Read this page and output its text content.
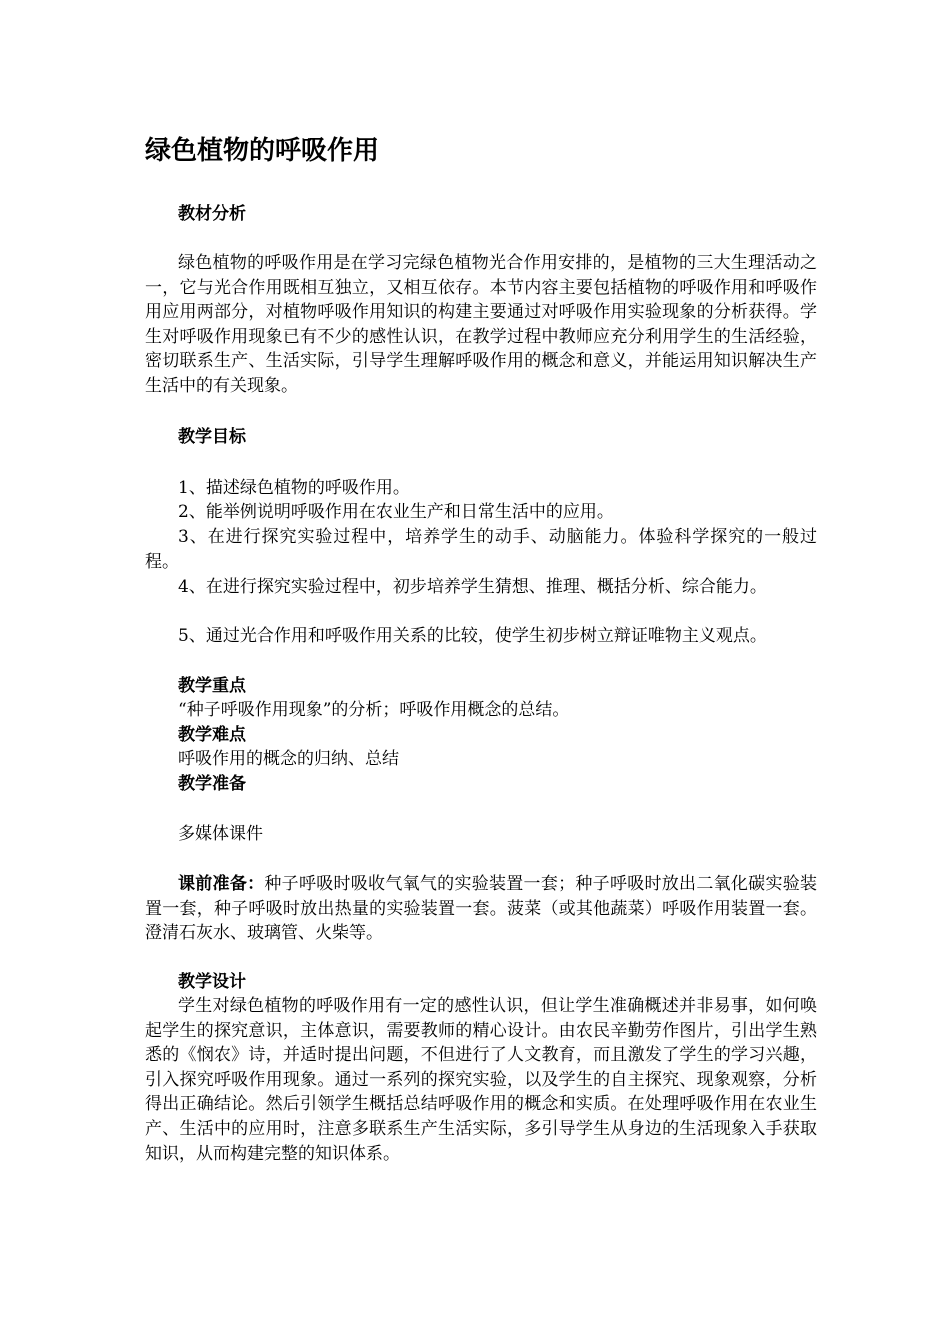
绿色植物的呼吸作用
教材分析

绿色植物的呼吸作用是在学习完绿色植物光合作用安排的，是植物的三大生理活动之一，它与光合作用既相互独立，又相互依存。本节内容主要包括植物的呼吸作用和呼吸作用应用两部分，对植物呼吸作用知识的构建主要通过对呼吸作用实验现象的分析获得。学生对呼吸作用现象已有不少的感性认识，在教学过程中教师应充分利用学生的生活经验，密切联系生产、生活实际，引导学生理解呼吸作用的概念和意义，并能运用知识解决生产生活中的有关现象。

教学目标
1、描述绿色植物的呼吸作用。
2、能举例说明呼吸作用在农业生产和日常生活中的应用。

3、在进行探究实验过程中，培养学生的动手、动脑能力。体验科学探究的一般过程。

4、在进行探究实验过程中，初步培养学生猜想、推理、概括分析、综合能力。

5、通过光合作用和呼吸作用关系的比较，使学生初步树立辩证唯物主义观点。

教学重点
“种子呼吸作用现象”的分析；呼吸作用概念的总结。
教学难点
呼吸作用的概念的归纳、总结
教学准备
多媒体课件

课前准备：种子呼吸时吸收气氧气的实验装置一套；种子呼吸时放出二氧化碳实验装置一套，种子呼吸时放出热量的实验装置一套。菠菜（或其他蔬菜）呼吸作用装置一套。澄清石灰水、玻璃管、火柴等。

教学设计

学生对绿色植物的呼吸作用有一定的感性认识，但让学生准确概述并非易事，如何唤起学生的探究意识，主体意识，需要教师的精心设计。由农民辛勤劳作图片，引出学生熟悉的《悯农》诗，并适时提出问题，不但进行了人文教育，而且激发了学生的学习兴趣，引入探究呼吸作用现象。通过一系列的探究实验，以及学生的自主探究、现象观察，分析得出正确结论。然后引领学生概括总结呼吸作用的概念和实质。在处理呼吸作用在农业生产、生活中的应用时，注意多联系生产生活实际，多引导学生从身边的生活现象入手获取知识，从而构建完整的知识体系。
